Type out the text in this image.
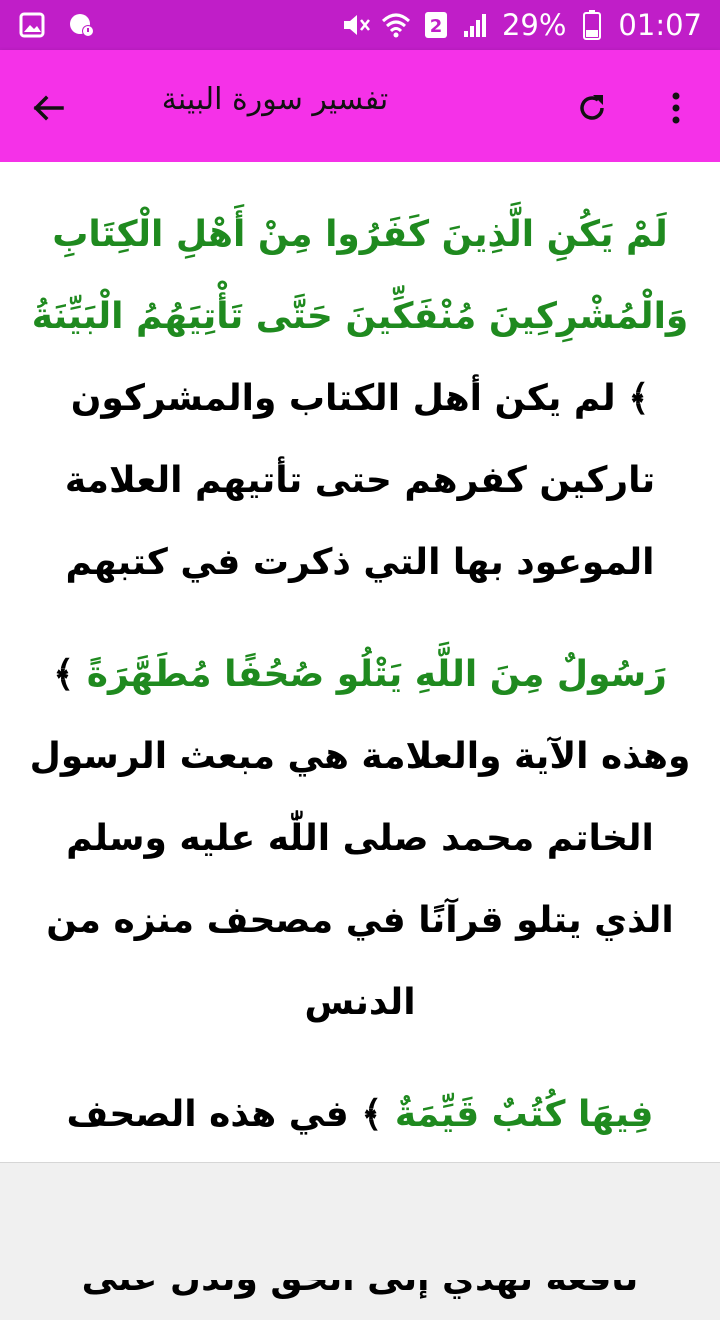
2 29% 01:07
تفسير سورة البينة

لَمْ يَكُنِ الَّذِينَ كَفَرُوا مِنْ أَهْلِ الْكِتَابِ وَالْمُشْرِكِينَ مُنْفَكِّينَ حَتَّى تَأْتِيَهُمُ الْبَيِّنَةُ ﴾ لم يكن أهل الكتاب والمشركون تاركين كفرهم حتى تأتيهم العلامة الموعود بها التي ذكرت في كتبهم

رَسُولٌ مِنَ اللَّهِ يَتْلُو صُحُفًا مُطَهَّرَةً ﴾ وهذه الآية والعلامة هي مبعث الرسول الخاتم محمد صلى اللّٰه عليه وسلم الذي يتلو قرآنًا في مصحف منزه من الدنس

فِيهَا كُتُبٌ قَيِّمَةٌ ﴾ في هذه الصحف
